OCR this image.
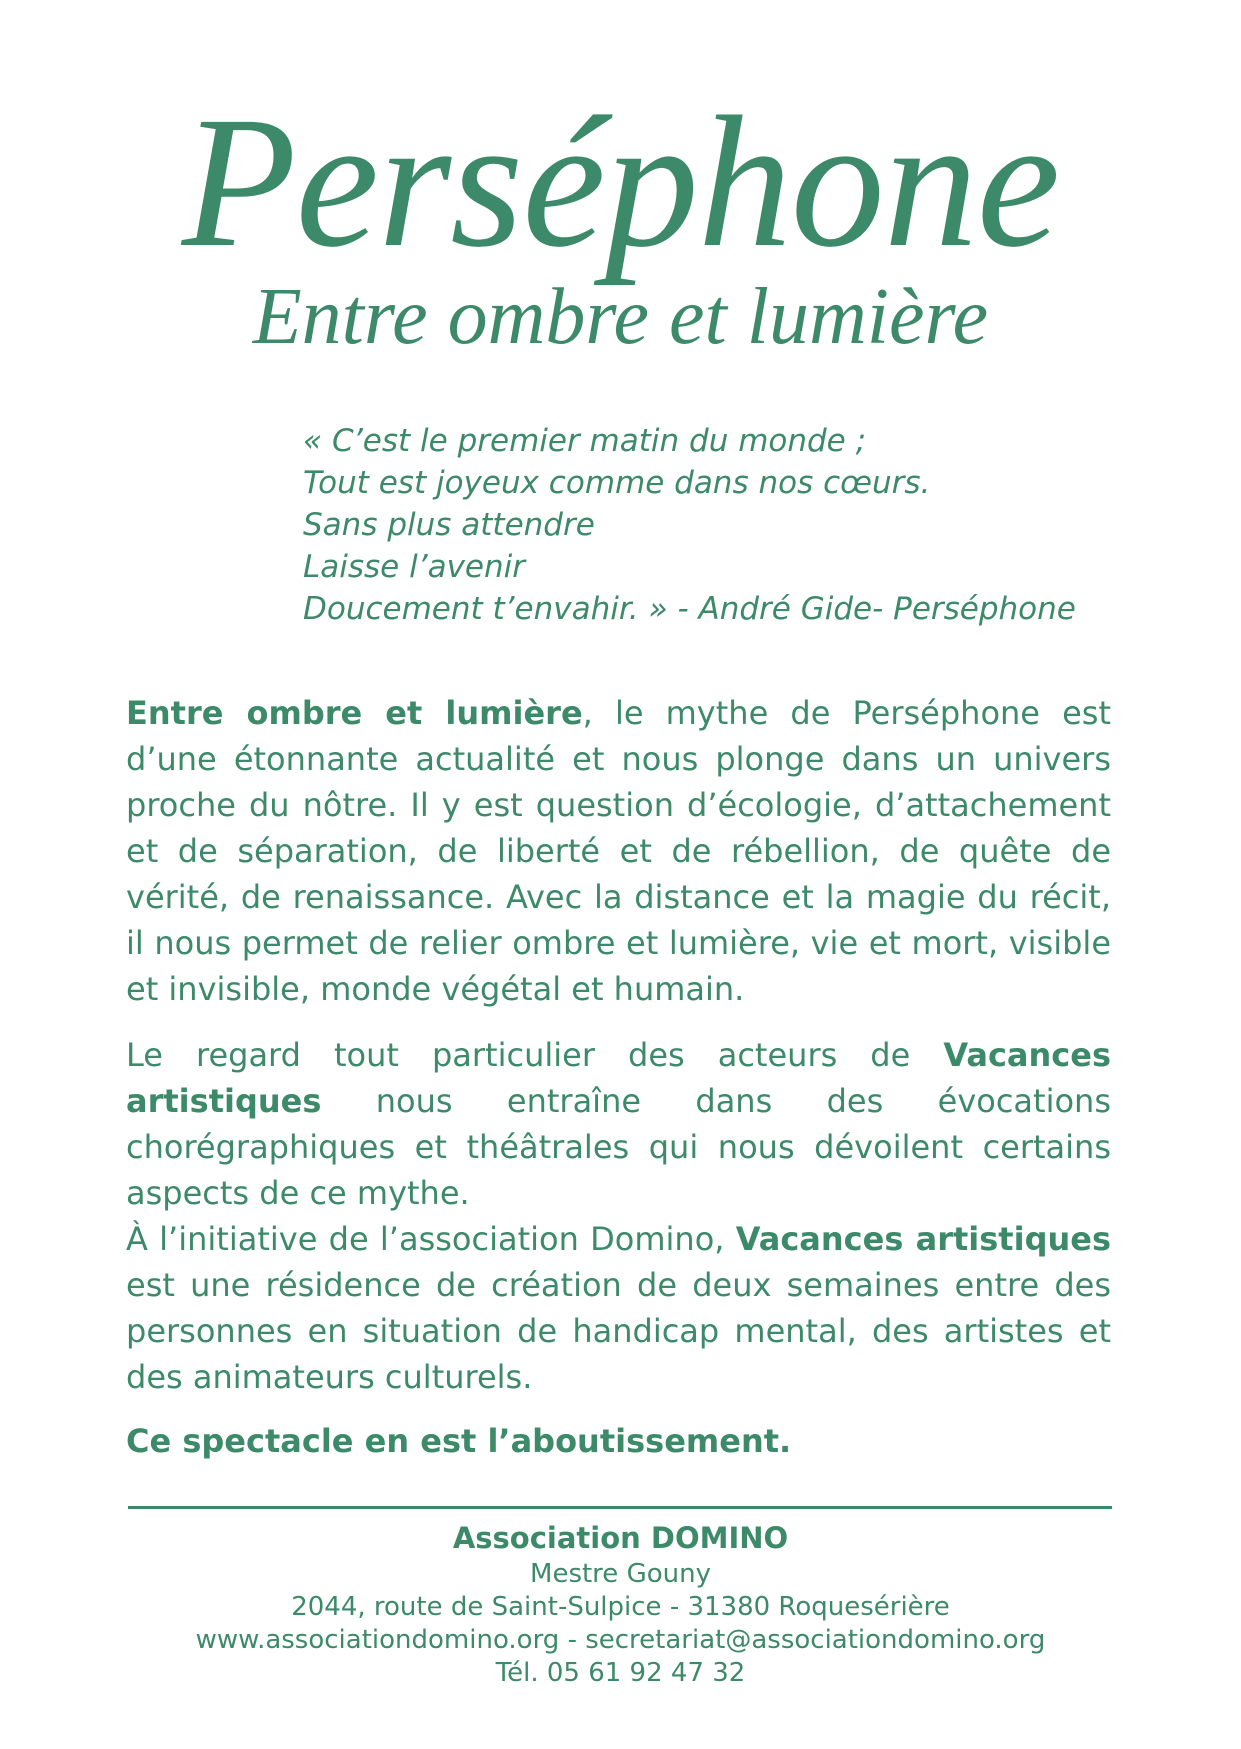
Perséphone
Entre ombre et lumière
« C’est le premier matin du monde ;
Tout est joyeux comme dans nos cœurs.
Sans plus attendre
Laisse l’avenir
Doucement t’envahir. » - André Gide- Perséphone
Entre ombre et lumière, le mythe de Perséphone est d’une étonnante actualité et nous plonge dans un univers proche du nôtre. Il y est question d’écologie, d’attachement et de séparation, de liberté et de rébellion, de quête de vérité, de renaissance. Avec la distance et la magie du récit, il nous permet de relier ombre et lumière, vie et mort, visible et invisible, monde végétal et humain.
Le regard tout particulier des acteurs de Vacances artistiques nous entraîne dans des évocations chorégraphiques et théâtrales qui nous dévoilent certains aspects de ce mythe.
À l’initiative de l’association Domino, Vacances artistiques est une résidence de création de deux semaines entre des personnes en situation de handicap mental, des artistes et des animateurs culturels.
Ce spectacle en est l’aboutissement.
Association DOMINO
Mestre Gouny
2044, route de Saint-Sulpice - 31380 Roquesérière
www.associationdomino.org - secretariat@associationdomino.org
Tél. 05 61 92 47 32
